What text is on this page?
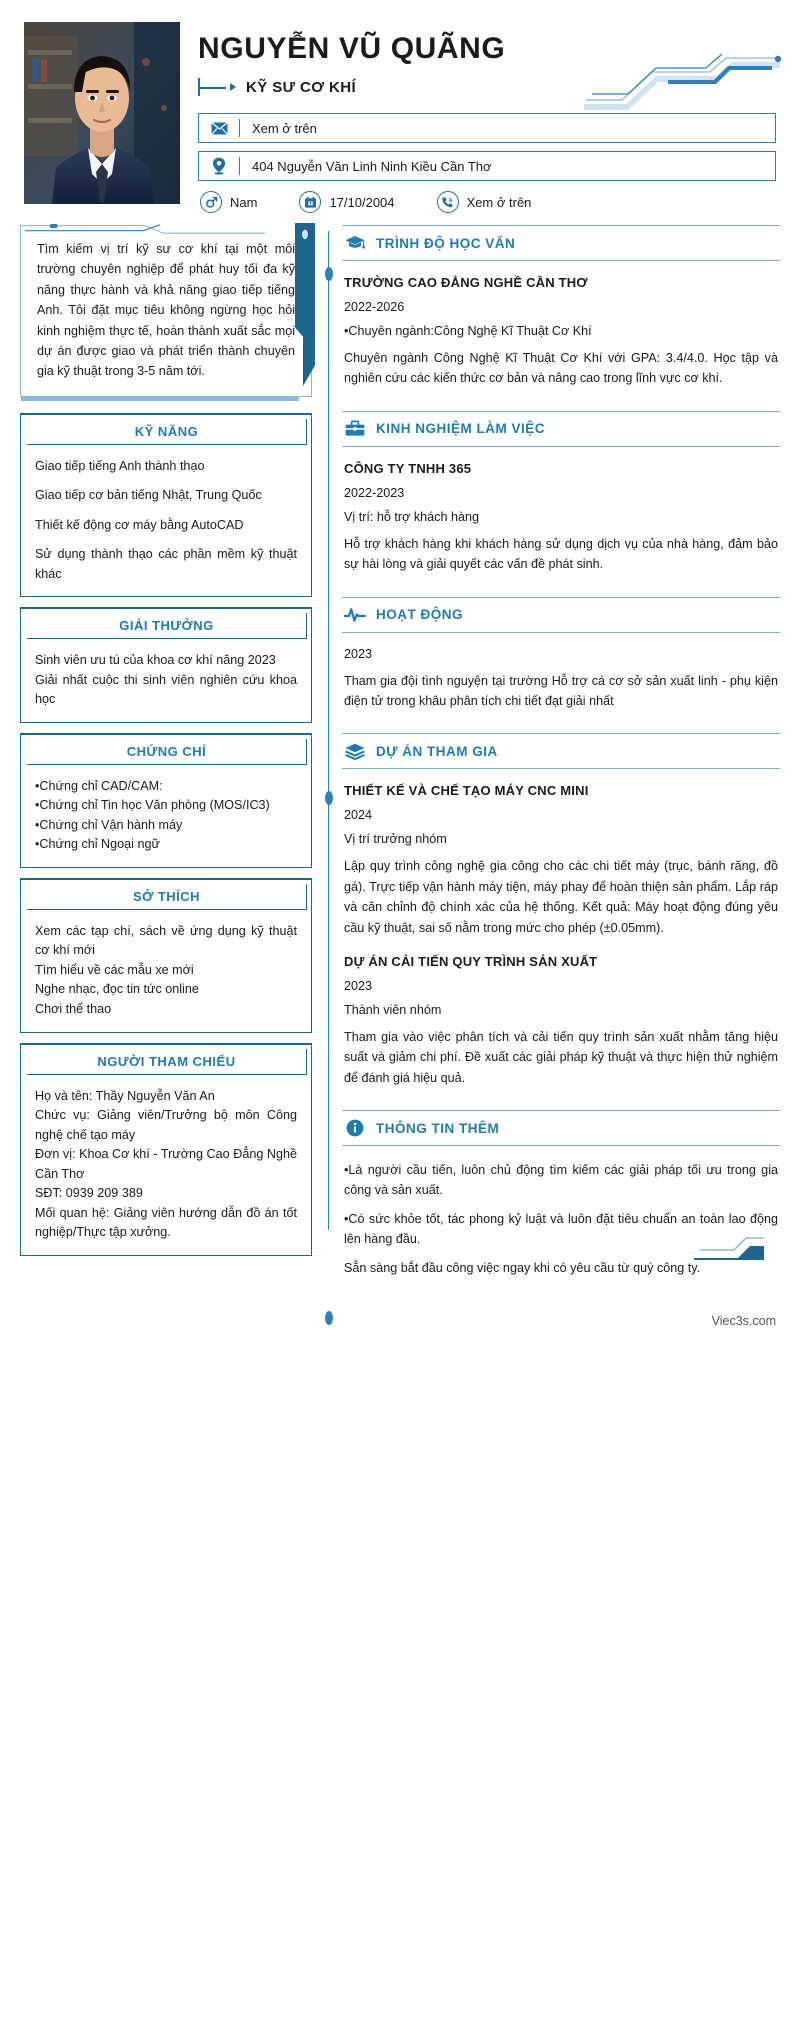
NGUYỄN VŨ QUÃNG
KỸ SƯ CƠ KHÍ
Xem ở trên
404 Nguyễn Văn Linh Ninh Kiều Cần Thơ
Nam	17/10/2004	Xem ở trên
Tìm kiếm vị trí kỹ sư cơ khí tại một môi trường chuyên nghiệp để phát huy tối đa kỹ năng thực hành và khả năng giao tiếp tiếng Anh. Tôi đặt mục tiêu không ngừng học hỏi kinh nghiệm thực tế, hoàn thành xuất sắc mọi dự án được giao và phát triển thành chuyên gia kỹ thuật trong 3-5 năm tới.
KỸ NĂNG
Giao tiếp tiếng Anh thành thạo
Giao tiếp cơ bản tiếng Nhật, Trung Quốc
Thiết kế động cơ máy bằng AutoCAD
Sử dụng thành thạo các phần mềm kỹ thuật khác
GIẢI THƯỞNG
Sinh viên ưu tú của khoa cơ khí năng 2023
Giải nhất cuộc thi sinh viên nghiên cứu khoa học
CHỨNG CHỈ
•Chứng chỉ CAD/CAM:
•Chứng chỉ Tin học Văn phòng (MOS/IC3)
•Chứng chỉ Vận hành máy
•Chứng chỉ Ngoại ngữ
SỞ THÍCH
Xem các tạp chí, sách về ứng dụng kỹ thuật cơ khí mới
Tìm hiểu về các mẫu xe mới
Nghe nhạc, đọc tin tức online
Chơi thể thao
NGƯỜI THAM CHIẾU
Họ và tên: Thầy Nguyễn Văn An
Chức vụ: Giảng viên/Trưởng bộ môn Công nghệ chế tạo máy
Đơn vị: Khoa Cơ khí - Trường Cao Đẳng Nghề Cần Thơ
SĐT: 0939 209 389
Mối quan hệ: Giảng viên hướng dẫn đồ án tốt nghiệp/Thực tập xưởng.
TRÌNH ĐỘ HỌC VẤN
TRƯỜNG CAO ĐẲNG NGHỀ CẦN THƠ
2022-2026
•Chuyên ngành:Công Nghệ Kĩ Thuật Cơ Khí
Chuyên ngành Công Nghệ Kĩ Thuật Cơ Khí với GPA: 3.4/4.0. Học tập và nghiên cứu các kiến thức cơ bản và nâng cao trong lĩnh vực cơ khí.
KINH NGHIỆM LÀM VIỆC
CÔNG TY TNHH 365
2022-2023
Vị trí: hỗ trợ khách hàng
Hỗ trợ khách hàng khi khách hàng sử dụng dịch vụ của nhà hàng, đảm bảo sự hài lòng và giải quyết các vấn đề phát sinh.
HOẠT ĐỘNG
2023
Tham gia đội tình nguyện tại trường Hỗ trợ cá cơ sở sản xuất linh - phụ kiện điện tử trong khâu phân tích chi tiết đạt giải nhất
DỰ ÁN THAM GIA
THIẾT KẾ VÀ CHẾ TẠO MÁY CNC MINI
2024
Vị trí trưởng nhóm
Lập quy trình công nghệ gia công cho các chi tiết máy (trục, bánh răng, đồ gá). Trực tiếp vận hành máy tiện, máy phay để hoàn thiện sản phẩm. Lắp ráp và căn chỉnh độ chính xác của hệ thống. Kết quả: Máy hoạt động đúng yêu cầu kỹ thuật, sai số nằm trong mức cho phép (±0.05mm).
DỰ ÁN CẢI TIẾN QUY TRÌNH SẢN XUẤT
2023
Thành viên nhóm
Tham gia vào việc phân tích và cải tiến quy trình sản xuất nhằm tăng hiệu suất và giảm chi phí. Đề xuất các giải pháp kỹ thuật và thực hiện thử nghiệm để đánh giá hiệu quả.
THÔNG TIN THÊM
•Là người cầu tiến, luôn chủ động tìm kiếm các giải pháp tối ưu trong gia công và sản xuất.
•Có sức khỏe tốt, tác phong kỷ luật và luôn đặt tiêu chuẩn an toàn lao động lên hàng đầu.
Sẵn sàng bắt đầu công việc ngay khi có yêu cầu từ quý công ty.
Viec3s.com
